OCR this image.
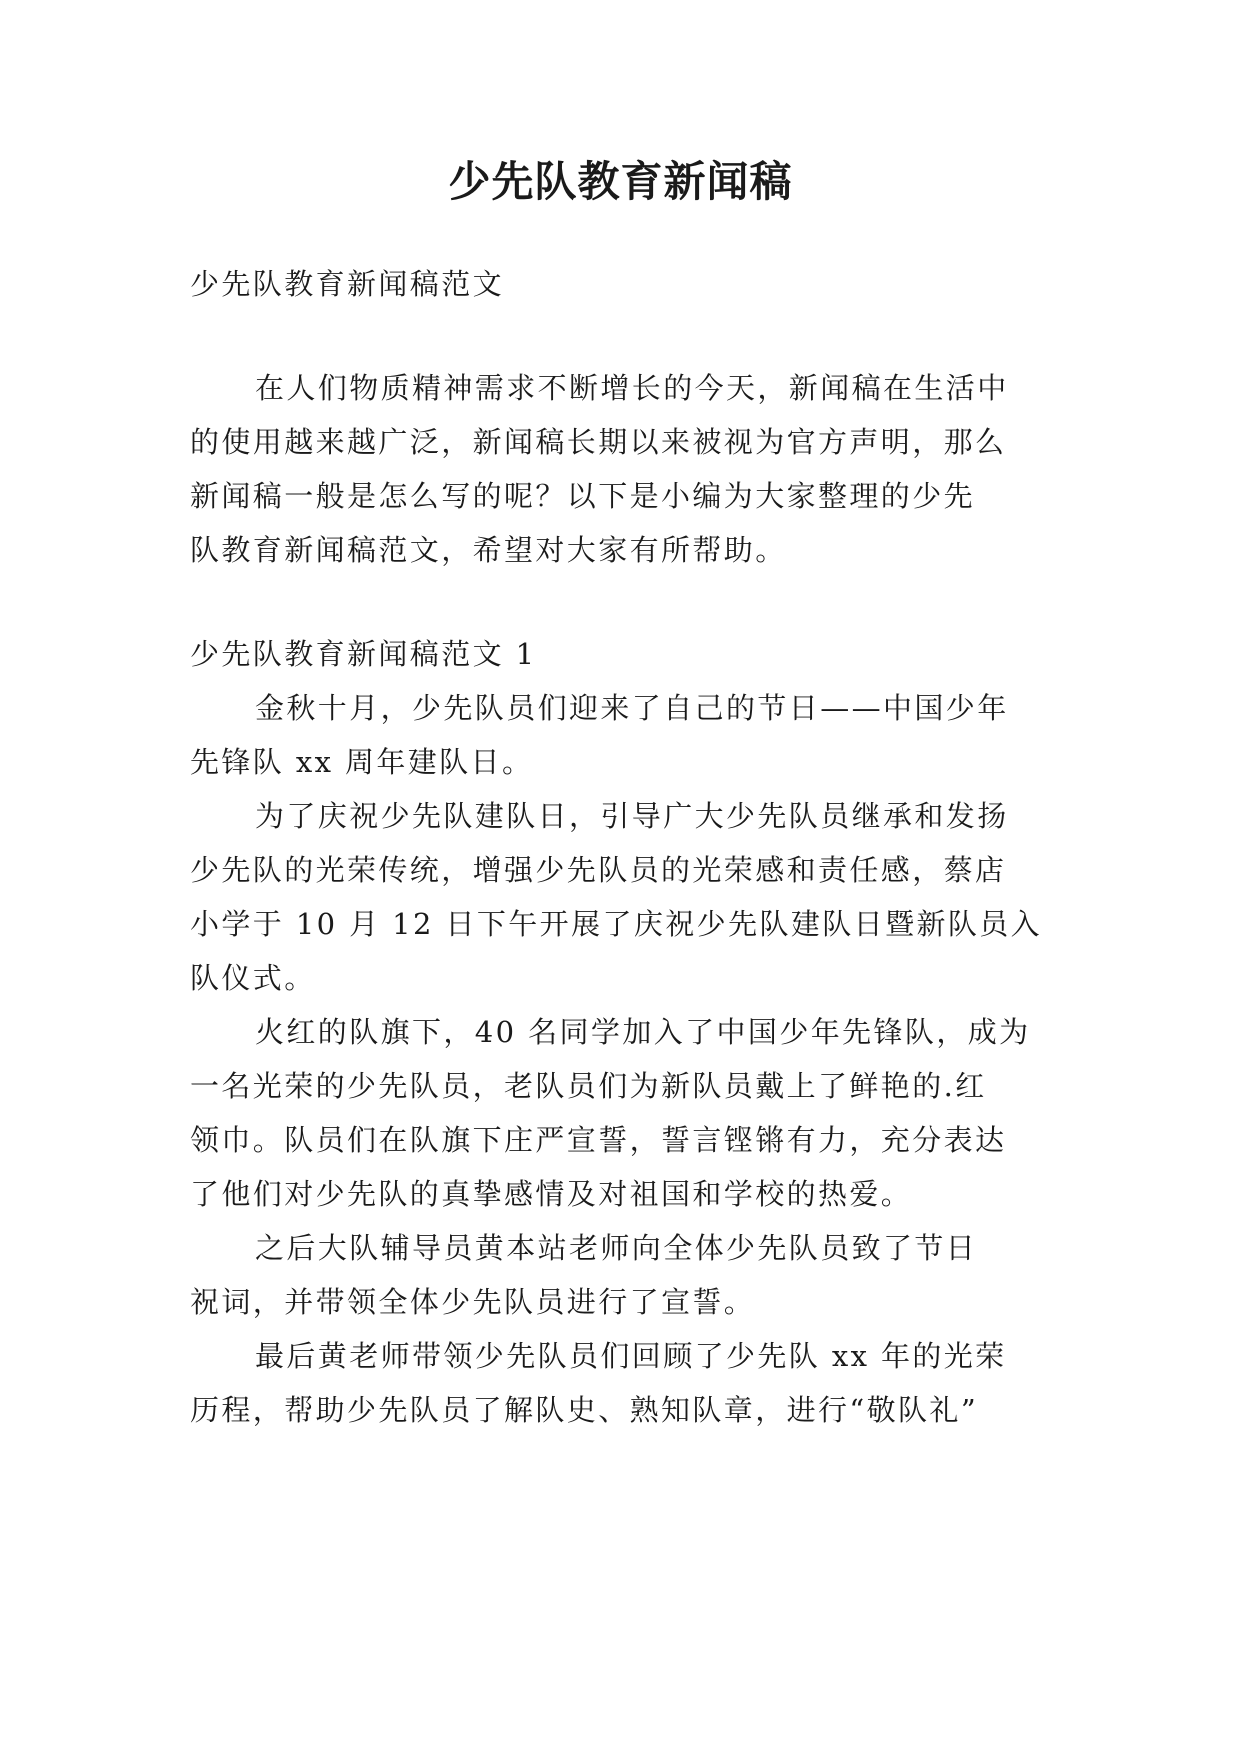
少先队教育新闻稿
少先队教育新闻稿范文
在人们物质精神需求不断增长的今天，新闻稿在生活中
的使用越来越广泛，新闻稿长期以来被视为官方声明，那么
新闻稿一般是怎么写的呢？以下是小编为大家整理的少先
队教育新闻稿范文，希望对大家有所帮助。
少先队教育新闻稿范文 1
金秋十月，少先队员们迎来了自己的节日——中国少年
先锋队 xx 周年建队日。
为了庆祝少先队建队日，引导广大少先队员继承和发扬
少先队的光荣传统，增强少先队员的光荣感和责任感，蔡店
小学于 10 月 12 日下午开展了庆祝少先队建队日暨新队员入
队仪式。
火红的队旗下，40 名同学加入了中国少年先锋队，成为
一名光荣的少先队员，老队员们为新队员戴上了鲜艳的.红
领巾。队员们在队旗下庄严宣誓，誓言铿锵有力，充分表达
了他们对少先队的真挚感情及对祖国和学校的热爱。
之后大队辅导员黄本站老师向全体少先队员致了节日
祝词，并带领全体少先队员进行了宣誓。
最后黄老师带领少先队员们回顾了少先队 xx 年的光荣
历程，帮助少先队员了解队史、熟知队章，进行“敬队礼”
